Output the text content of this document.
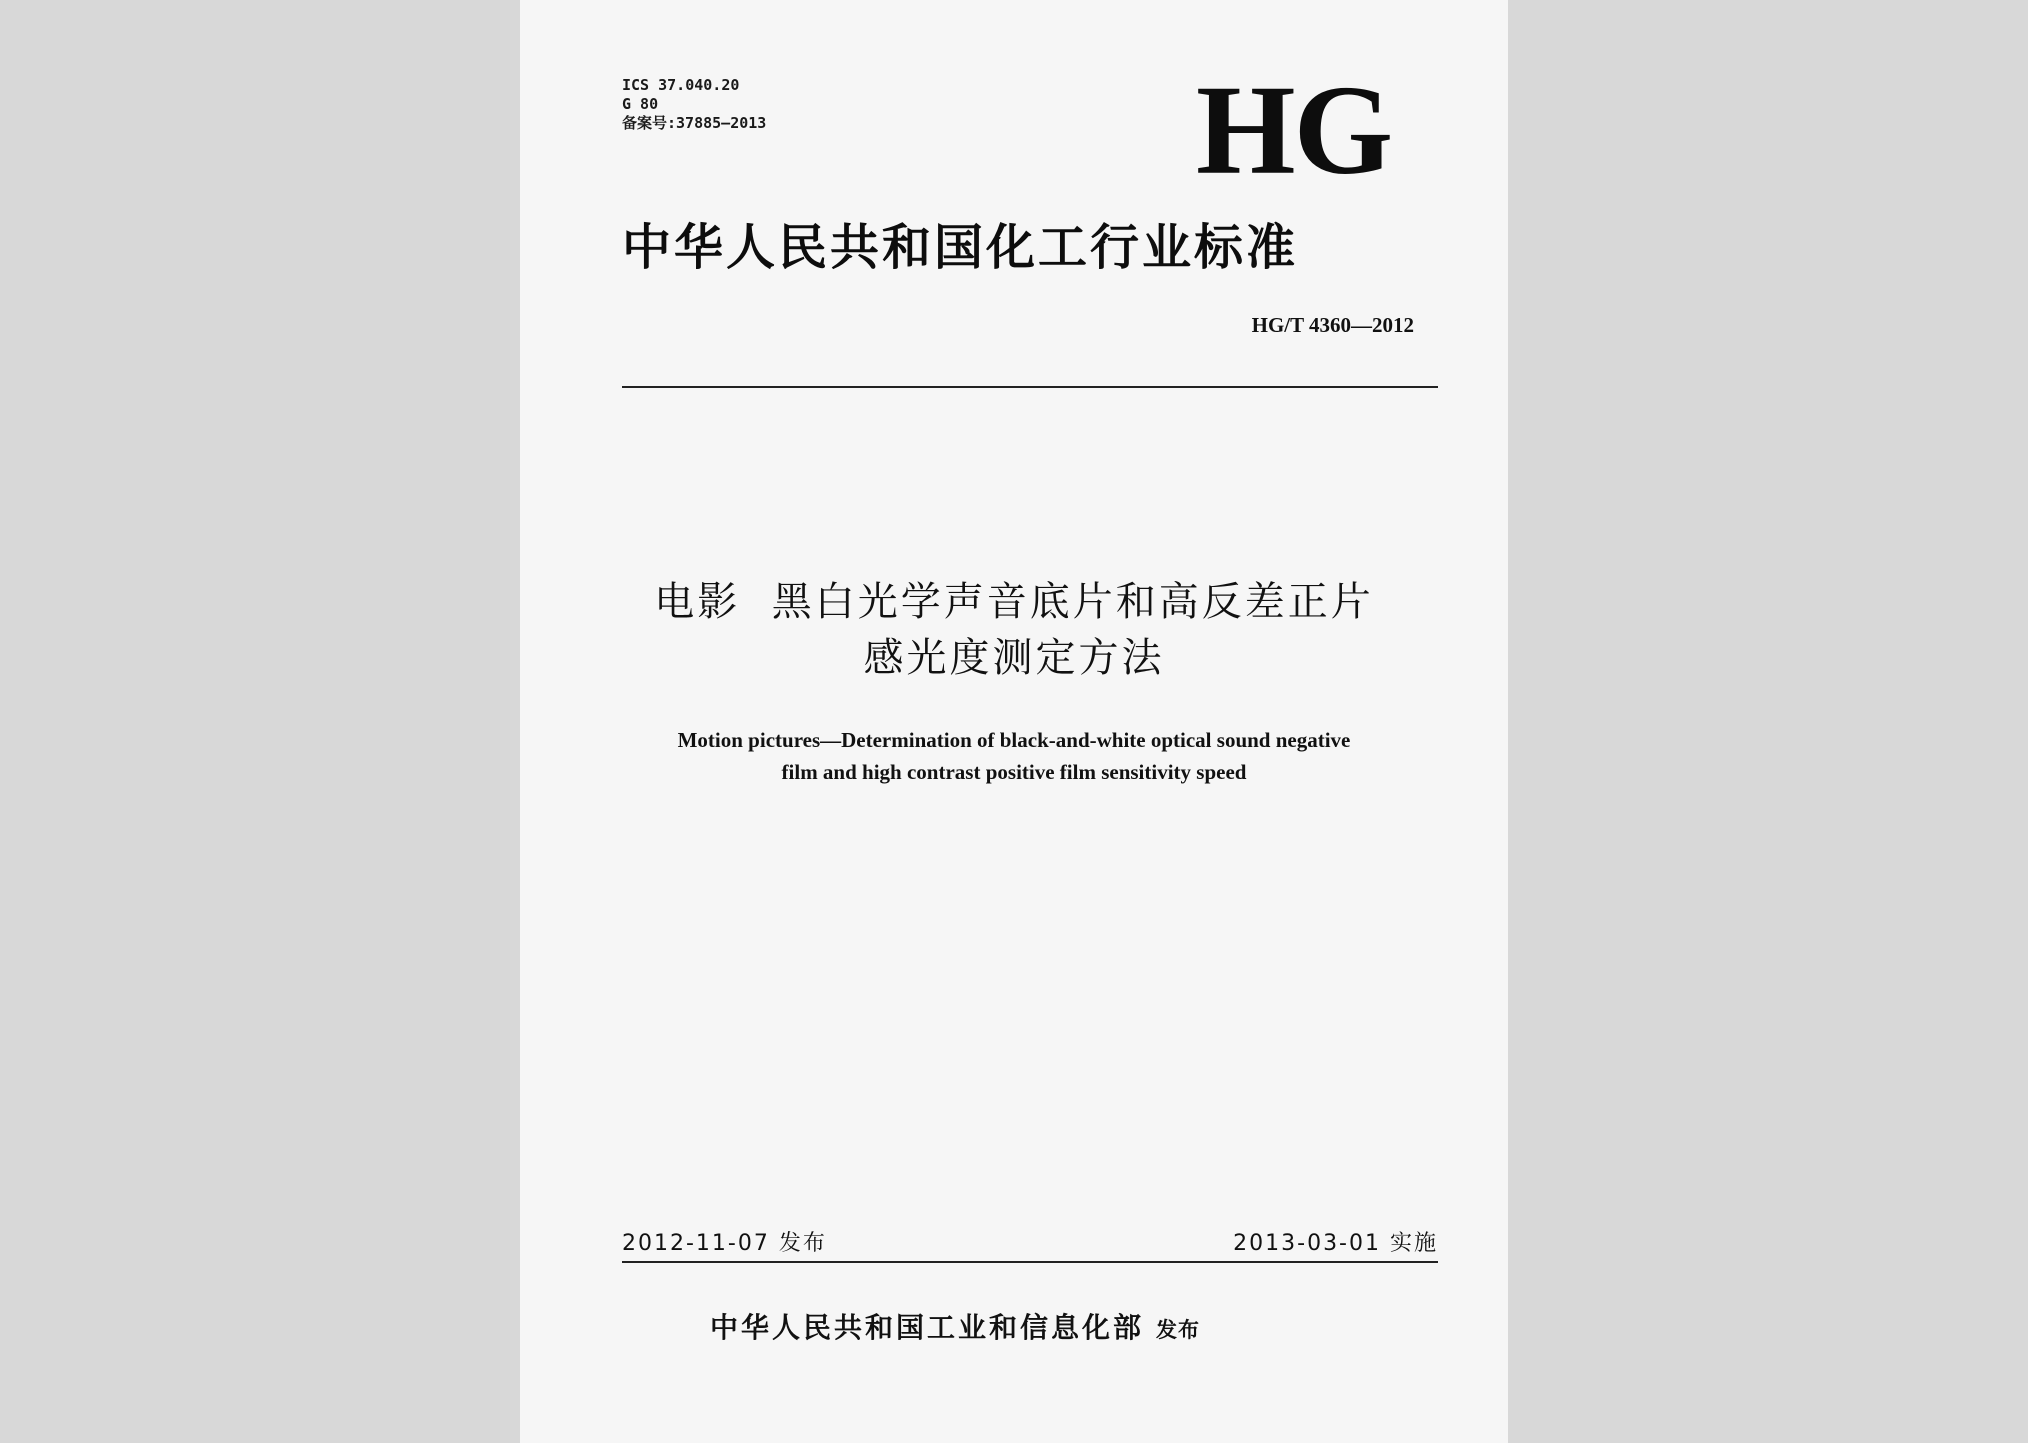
ICS 37.040.20
G 80
备案号:37885—2013	HG
中华人民共和国化工行业标准
HG/T 4360—2012
电影  黑白光学声音底片和高反差正片
感光度测定方法
Motion pictures—Determination of black-and-white optical sound negative
film and high contrast positive film sensitivity speed
2012-11-07 发布	2013-03-01 实施
中华人民共和国工业和信息化部 发布
